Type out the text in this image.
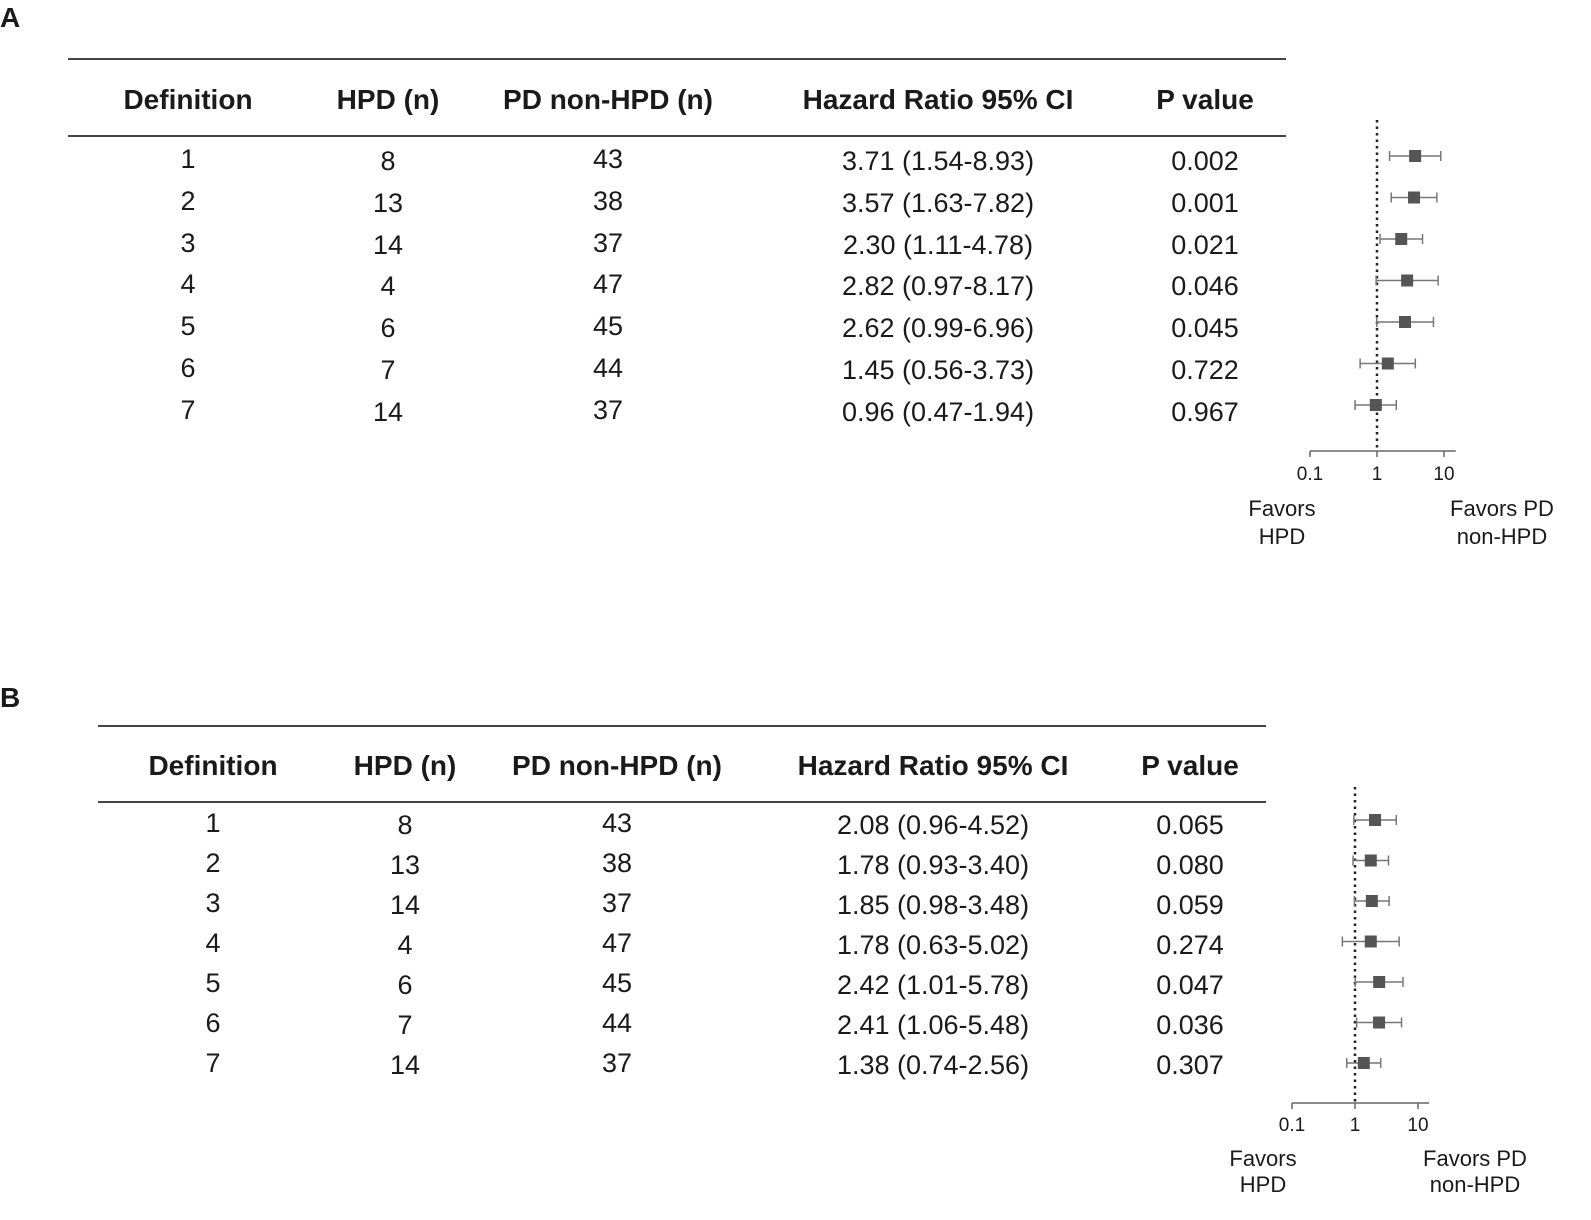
A
Definition	HPD (n)	PD non-HPD (n)	Hazard Ratio 95% CI	P value
1	8	43	3.71 (1.54-8.93)	0.002
2	13	38	3.57 (1.63-7.82)	0.001
3	14	37	2.30 (1.11-4.78)	0.021
4	4	47	2.82 (0.97-8.17)	0.046
5	6	45	2.62 (0.99-6.96)	0.045
6	7	44	1.45 (0.56-3.73)	0.722
7	14	37	0.96 (0.47-1.94)	0.967
0.1	1	10
Favors HPD
Favors PD non-HPD
B
Definition	HPD (n)	PD non-HPD (n)	Hazard Ratio 95% CI	P value
1	8	43	2.08 (0.96-4.52)	0.065
2	13	38	1.78 (0.93-3.40)	0.080
3	14	37	1.85 (0.98-3.48)	0.059
4	4	47	1.78 (0.63-5.02)	0.274
5	6	45	2.42 (1.01-5.78)	0.047
6	7	44	2.41 (1.06-5.48)	0.036
7	14	37	1.38 (0.74-2.56)	0.307
0.1 1 10
Favors HPD
Favors PD non-HPD
